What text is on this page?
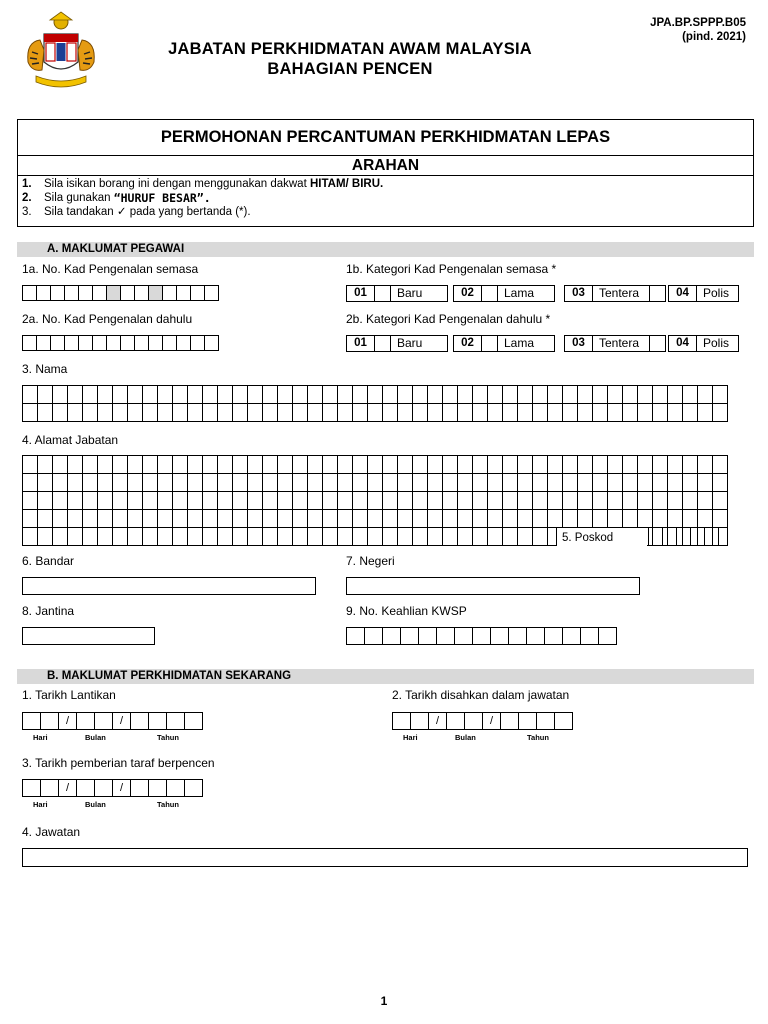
JPA.BP.SPPP.B05
(pind. 2021)
JABATAN PERKHIDMATAN AWAM MALAYSIA
BAHAGIAN PENCEN
PERMOHONAN PERCANTUMAN PERKHIDMATAN LEPAS
ARAHAN
1.	Sila isikan borang ini dengan menggunakan dakwat HITAM/ BIRU.
2.	Sila gunakan “HURUF BESAR”.
3.	Sila tandakan ✓ pada yang bertanda (*).
A. MAKLUMAT PEGAWAI
1a. No. Kad Pengenalan semasa	1b. Kategori Kad Pengenalan semasa *
01	Baru	02	Lama	03	Tentera	04	Polis
2a. No. Kad Pengenalan dahulu	2b. Kategori Kad Pengenalan dahulu *
01	Baru	02	Lama	03	Tentera	04	Polis
3. Nama
4. Alamat Jabatan
5. Poskod
6. Bandar	7. Negeri
8. Jantina	9. No. Keahlian KWSP
B. MAKLUMAT PERKHIDMATAN SEKARANG
1. Tarikh Lantikan	2. Tarikh disahkan dalam jawatan
/	/
Hari	Bulan	Tahun
/	/
Hari	Bulan	Tahun
3. Tarikh pemberian taraf berpencen
/	/
Hari	Bulan	Tahun
4. Jawatan
1
